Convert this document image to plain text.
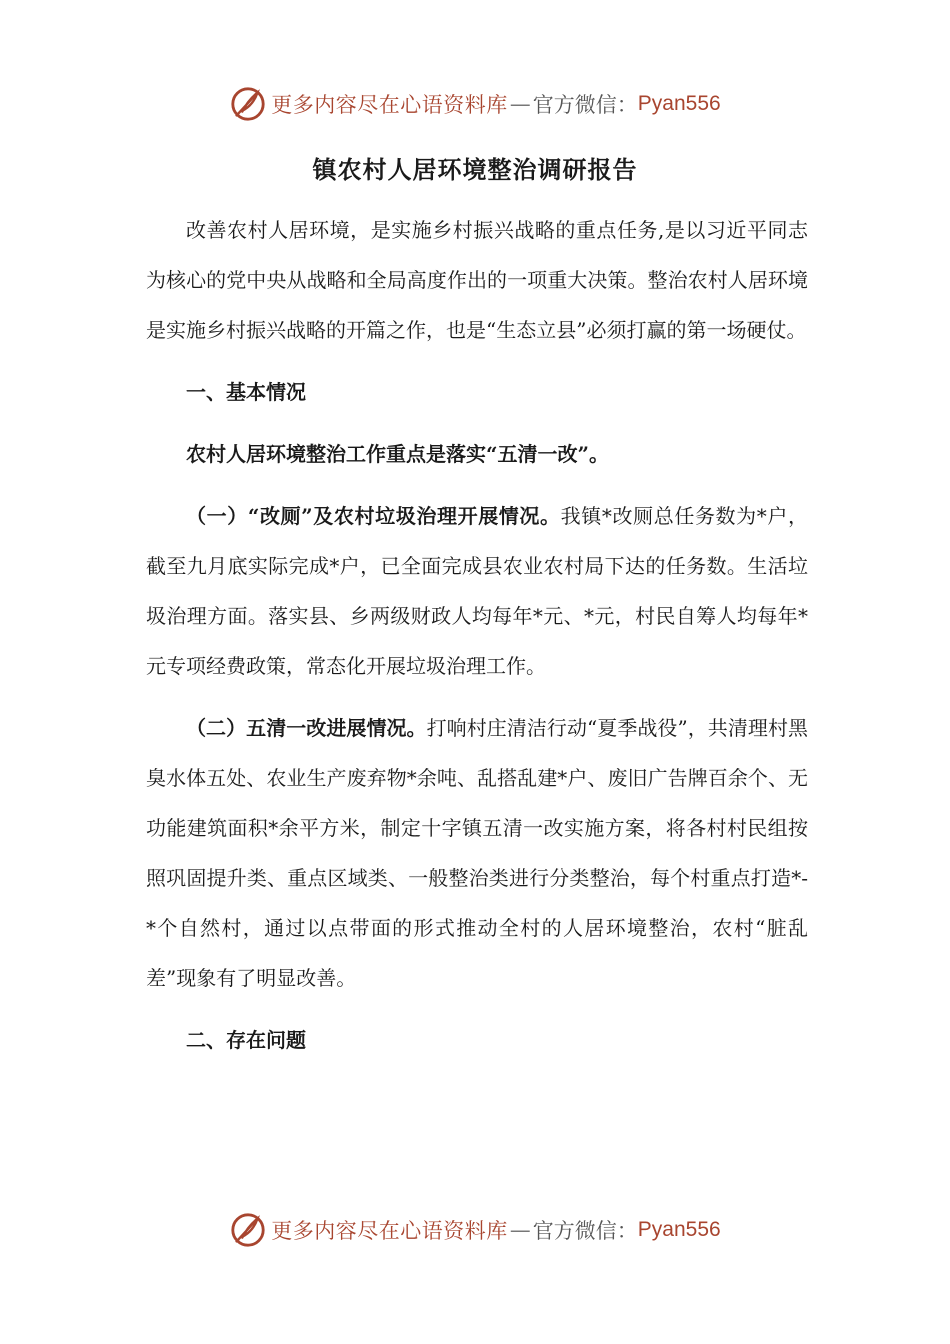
更多内容尽在心语资料库 — 官方微信： Pyan556
镇农村人居环境整治调研报告

改善农村人居环境，是实施乡村振兴战略的重点任务,是以习近平同志为核心的党中央从战略和全局高度作出的一项重大决策。整治农村人居环境是实施乡村振兴战略的开篇之作，也是“生态立县”必须打赢的第一场硬仗。

一、基本情况

农村人居环境整治工作重点是落实“五清一改”。

（一）“改厕”及农村垃圾治理开展情况。我镇*改厕总任务数为*户，截至九月底实际完成*户，已全面完成县农业农村局下达的任务数。生活垃圾治理方面。落实县、乡两级财政人均每年*元、*元，村民自筹人均每年*元专项经费政策，常态化开展垃圾治理工作。

（二）五清一改进展情况。打响村庄清洁行动“夏季战役”，共清理村黑臭水体五处、农业生产废弃物*余吨、乱搭乱建*户、废旧广告牌百余个、无功能建筑面积*余平方米，制定十字镇五清一改实施方案，将各村村民组按照巩固提升类、重点区域类、一般整治类进行分类整治，每个村重点打造*-*个自然村，通过以点带面的形式推动全村的人居环境整治，农村“脏乱差”现象有了明显改善。

二、存在问题

更多内容尽在心语资料库 — 官方微信： Pyan556
